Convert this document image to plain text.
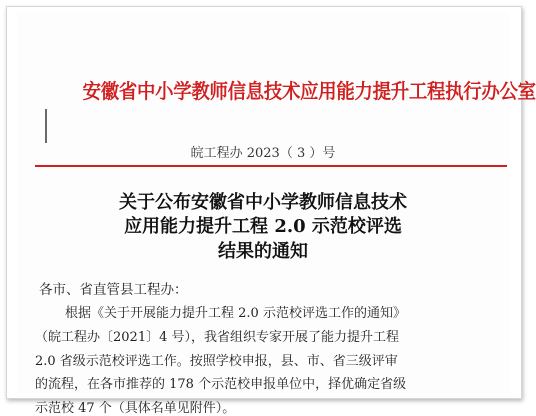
安徽省中小学教师信息技术应用能力提升工程执行办公室
皖工程办 2023（ 3 ）号
关于公布安徽省中小学教师信息技术
应用能力提升工程 2.0 示范校评选
结果的通知
各市、省直管县工程办：
根据《关于开展能力提升工程 2.0 示范校评选工作的通知》
（皖工程办〔2021〕4 号），我省组织专家开展了能力提升工程
2.0 省级示范校评选工作。按照学校申报，县、市、省三级评审
的流程，在各市推荐的 178 个示范校申报单位中，择优确定省级
示范校 47 个（具体名单见附件）。
